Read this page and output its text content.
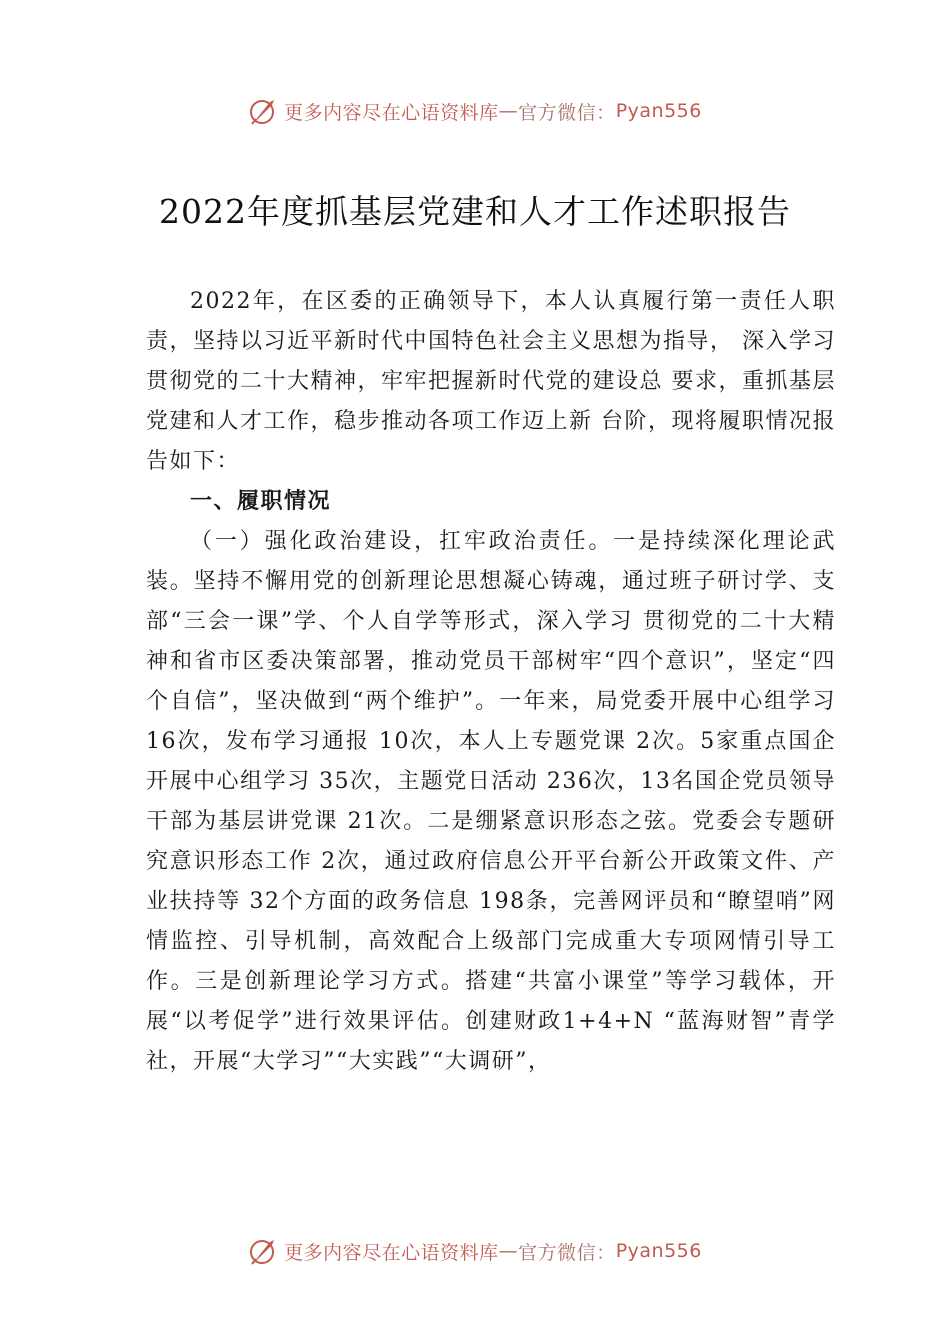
更多内容尽在心语资料库 — 官方微信： Pyan556
2022年度抓基层党建和人才工作述职报告

2022年，在区委的正确领导下，本人认真履行第一责任人职责，坚持以习近平新时代中国特色社会主义思想为指导， 深入学习贯彻党的二十大精神，牢牢把握新时代党的建设总 要求，重抓基层党建和人才工作，稳步推动各项工作迈上新 台阶，现将履职情况报告如下：

一、履职情况

（一）强化政治建设，扛牢政治责任。一是持续深化理论武装。坚持不懈用党的创新理论思想凝心铸魂，通过班子研讨学、支部“三会一课”学、个人自学等形式，深入学习 贯彻党的二十大精神和省市区委决策部署，推动党员干部树牢“四个意识”，坚定“四个自信”，坚决做到“两个维护”。一年来，局党委开展中心组学习 16次，发布学习通报 10次，本人上专题党课 2次。5家重点国企开展中心组学习 35次，主题党日活动 236次，13名国企党员领导干部为基层讲党课 21次。二是绷紧意识形态之弦。党委会专题研究意识形态工作 2次，通过政府信息公开平台新公开政策文件、产业扶持等 32个方面的政务信息 198条，完善网评员和“瞭望哨”网情监控、引导机制，高效配合上级部门完成重大专项网情引导工作。三是创新理论学习方式。搭建“共富小课堂”等学习载体，开展“以考促学”进行效果评估。创建财政1+4+N “蓝海财智”青学社，开展“大学习”“大实践”“大调研”，

更多内容尽在心语资料库 — 官方微信： Pyan556
